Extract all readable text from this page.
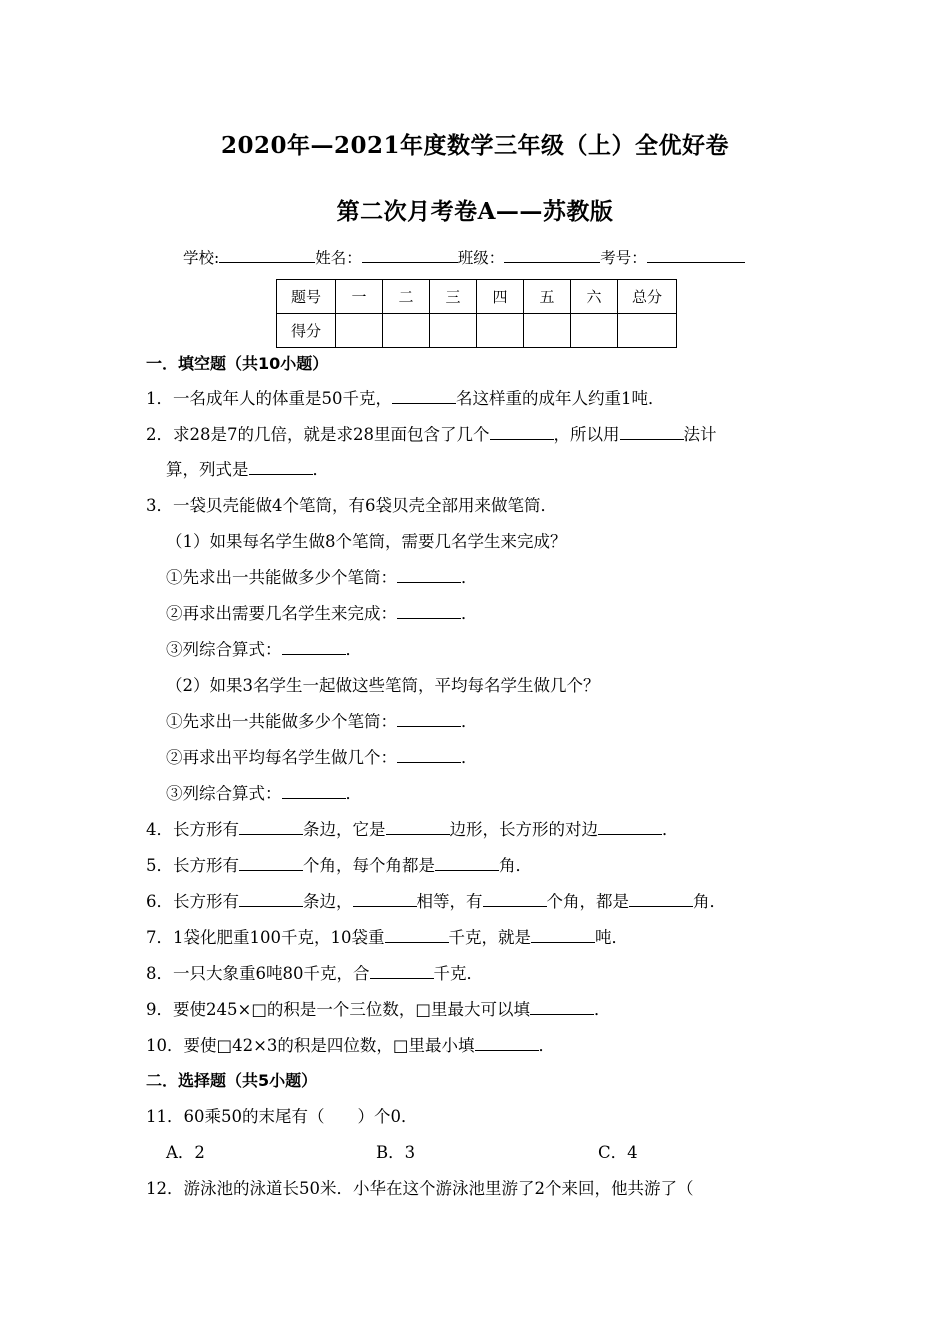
2020年—2021年度数学三年级（上）全优好卷
第二次月考卷A——苏教版
学校:	姓名：	班级：	考号：
题号	一	二	三	四	五	六	总分
得分							
一．填空题（共10小题）
1．一名成年人的体重是50千克，	名这样重的成年人约重1吨．
2．求28是7的几倍，就是求28里面包含了几个	，所以用	法计
算，列式是	．
3．一袋贝壳能做4个笔筒，有6袋贝壳全部用来做笔筒．
（1）如果每名学生做8个笔筒，需要几名学生来完成？
①先求出一共能做多少个笔筒：	．
②再求出需要几名学生来完成：	．
③列综合算式：	．
（2）如果3名学生一起做这些笔筒，平均每名学生做几个？
①先求出一共能做多少个笔筒：	．
②再求出平均每名学生做几个：	．
③列综合算式：	．
4．长方形有	条边，它是	边形，长方形的对边	．
5．长方形有	个角，每个角都是	角．
6．长方形有	条边，	相等，有	个角，都是	角．
7．1袋化肥重100千克，10袋重	千克，就是	吨．
8．一只大象重6吨80千克，合	千克．
9．要使245×□的积是一个三位数，□里最大可以填	．
10．要使□42×3的积是四位数，□里最小填	．
二．选择题（共5小题）
11．60乘50的末尾有（　　）个0．
A．2	B．3	C．4
12．游泳池的泳道长50米．小华在这个游泳池里游了2个来回，他共游了（
